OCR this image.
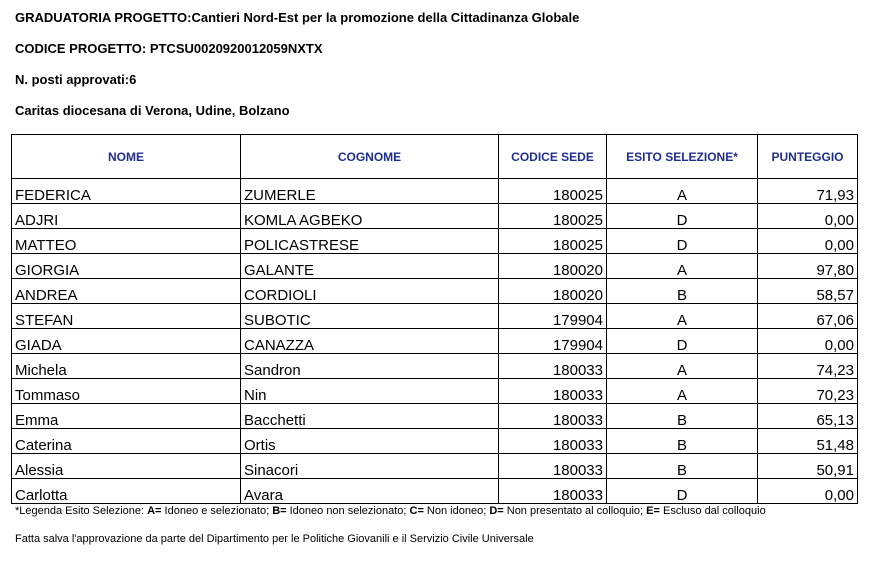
GRADUATORIA PROGETTO:Cantieri Nord-Est per la promozione della Cittadinanza Globale
CODICE PROGETTO: PTCSU0020920012059NXTX
N. posti approvati:6
Caritas diocesana di Verona, Udine, Bolzano
NOME	COGNOME	CODICE SEDE	ESITO SELEZIONE*	PUNTEGGIO
FEDERICA	ZUMERLE	180025	A	71,93
ADJRI	KOMLA AGBEKO	180025	D	0,00
MATTEO	POLICASTRESE	180025	D	0,00
GIORGIA	GALANTE	180020	A	97,80
ANDREA	CORDIOLI	180020	B	58,57
STEFAN	SUBOTIC	179904	A	67,06
GIADA	CANAZZA	179904	D	0,00
Michela	Sandron	180033	A	74,23
Tommaso	Nin	180033	A	70,23
Emma	Bacchetti	180033	B	65,13
Caterina	Ortis	180033	B	51,48
Alessia	Sinacori	180033	B	50,91
Carlotta	Avara	180033	D	0,00
*Legenda Esito Selezione: A= Idoneo e selezionato; B= Idoneo non selezionato; C= Non idoneo; D= Non presentato al colloquio; E= Escluso dal colloquio
Fatta salva l'approvazione da parte del Dipartimento per le Politiche Giovanili e il Servizio Civile Universale
